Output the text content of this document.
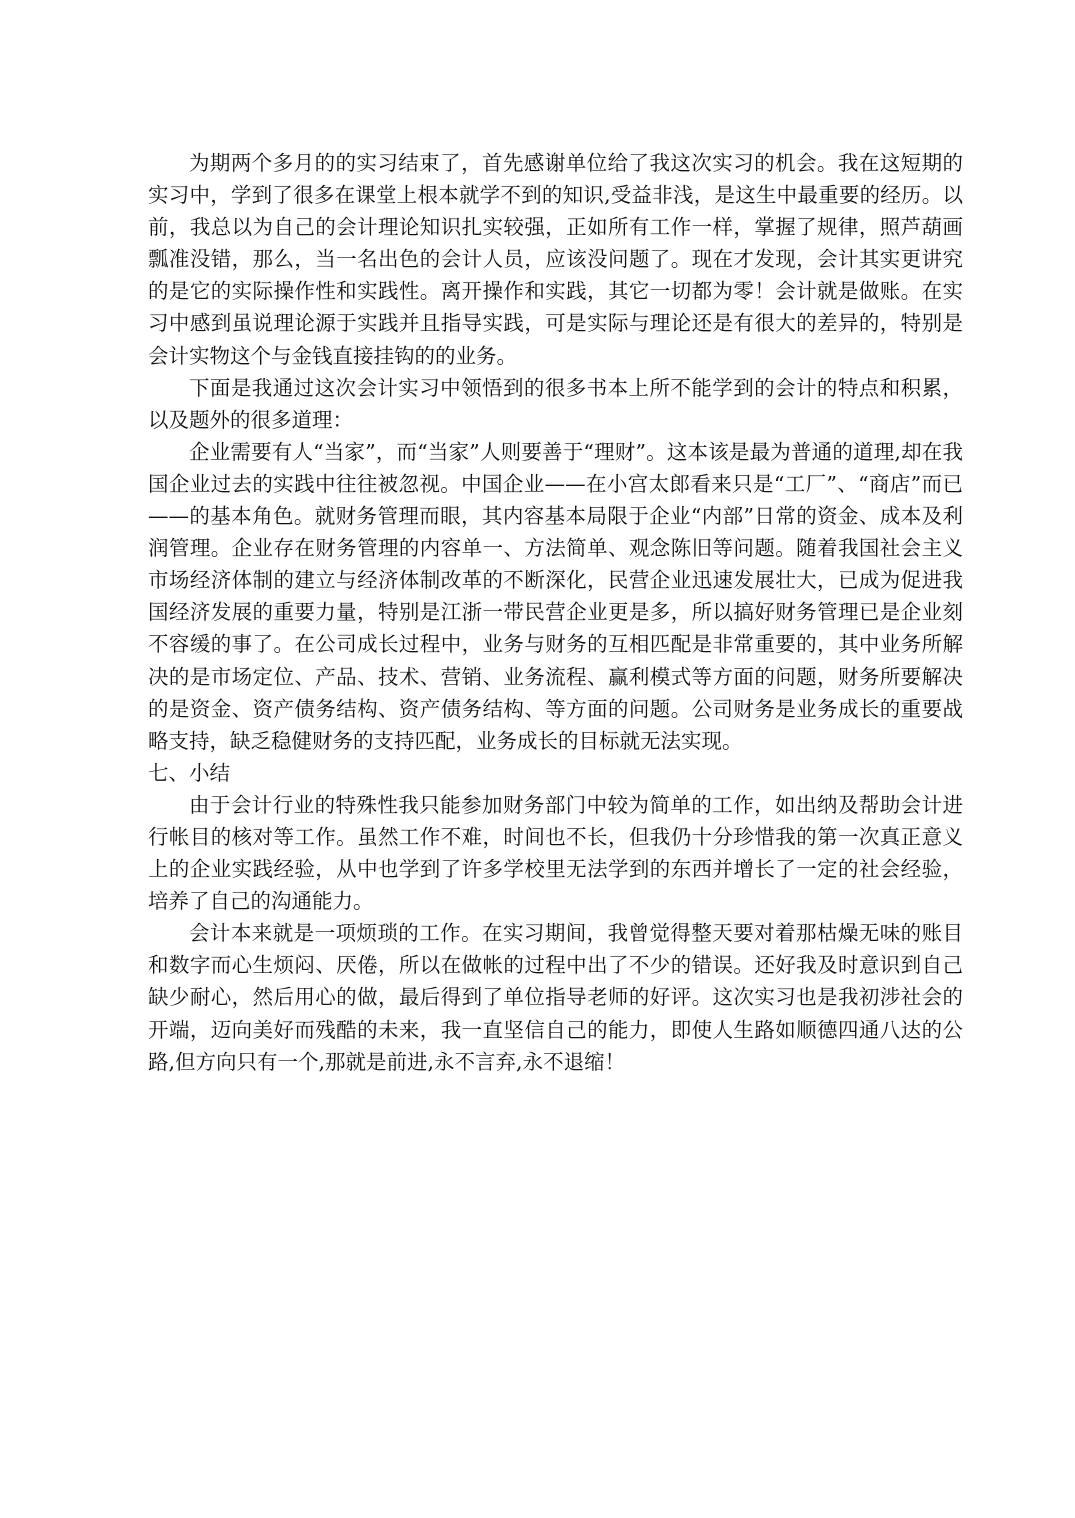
为期两个多月的的实习结束了，首先感谢单位给了我这次实习的机会。我在这短期的实习中，学到了很多在课堂上根本就学不到的知识,受益非浅，是这生中最重要的经历。以前，我总以为自己的会计理论知识扎实较强，正如所有工作一样，掌握了规律，照芦葫画瓢准没错，那么，当一名出色的会计人员，应该没问题了。现在才发现，会计其实更讲究的是它的实际操作性和实践性。离开操作和实践，其它一切都为零！会计就是做账。在实习中感到虽说理论源于实践并且指导实践，可是实际与理论还是有很大的差异的，特别是会计实物这个与金钱直接挂钩的的业务。

下面是我通过这次会计实习中领悟到的很多书本上所不能学到的会计的特点和积累，以及题外的很多道理：

企业需要有人“当家”，而“当家”人则要善于“理财”。这本该是最为普通的道理,却在我国企业过去的实践中往往被忽视。中国企业——在小宫太郎看来只是“工厂”、“商店”而已——的基本角色。就财务管理而眼，其内容基本局限于企业“内部”日常的资金、成本及利润管理。企业存在财务管理的内容单一、方法简单、观念陈旧等问题。随着我国社会主义市场经济体制的建立与经济体制改革的不断深化，民营企业迅速发展壮大，已成为促进我国经济发展的重要力量，特别是江浙一带民营企业更是多，所以搞好财务管理已是企业刻不容缓的事了。在公司成长过程中，业务与财务的互相匹配是非常重要的，其中业务所解决的是市场定位、产品、技术、营销、业务流程、赢利模式等方面的问题，财务所要解决的是资金、资产债务结构、资产债务结构、等方面的问题。公司财务是业务成长的重要战略支持，缺乏稳健财务的支持匹配，业务成长的目标就无法实现。

七、小结

由于会计行业的特殊性我只能参加财务部门中较为简单的工作，如出纳及帮助会计进行帐目的核对等工作。虽然工作不难，时间也不长，但我仍十分珍惜我的第一次真正意义上的企业实践经验，从中也学到了许多学校里无法学到的东西并增长了一定的社会经验，培养了自己的沟通能力。

会计本来就是一项烦琐的工作。在实习期间，我曾觉得整天要对着那枯燥无味的账目和数字而心生烦闷、厌倦，所以在做帐的过程中出了不少的错误。还好我及时意识到自己缺少耐心，然后用心的做，最后得到了单位指导老师的好评。这次实习也是我初涉社会的开端，迈向美好而残酷的未来，我一直坚信自己的能力，即使人生路如顺德四通八达的公路,但方向只有一个,那就是前进,永不言弃,永不退缩！
